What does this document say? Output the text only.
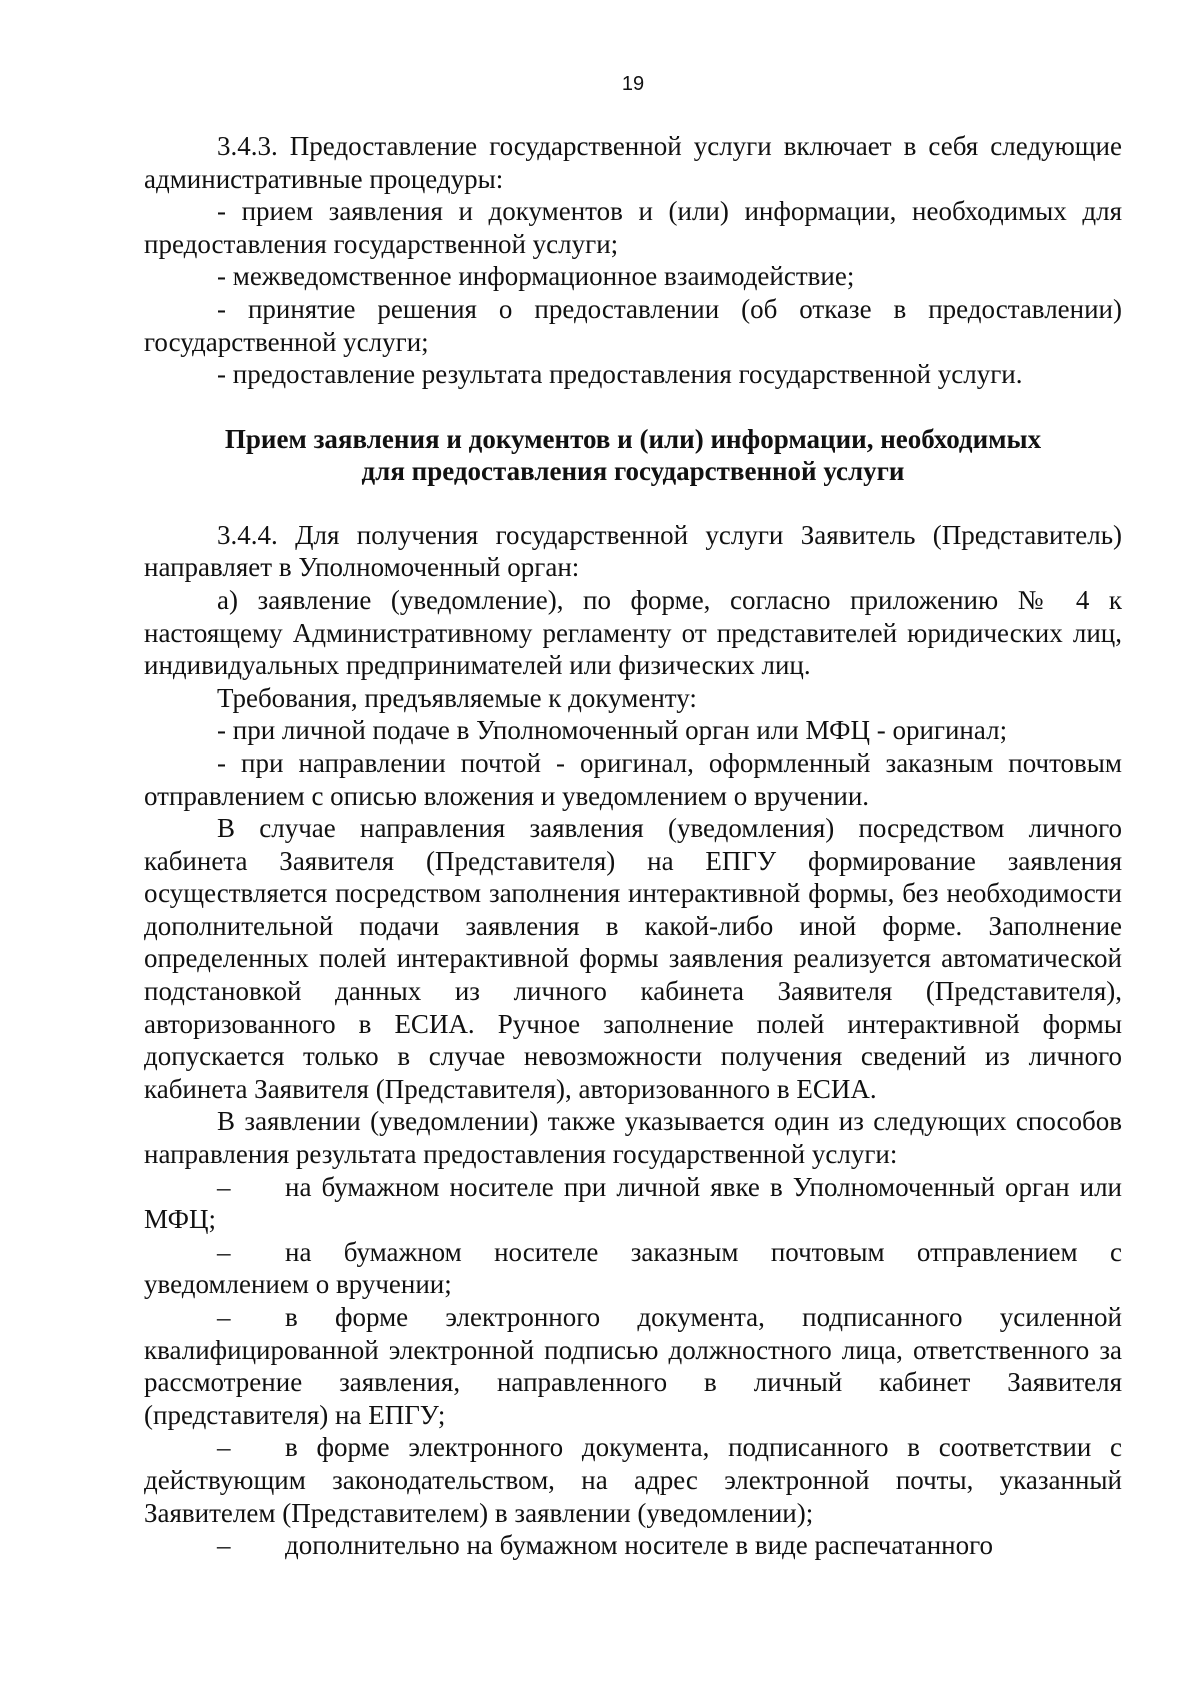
19

3.4.3. Предоставление государственной услуги включает в себя следующие административные процедуры:

- прием заявления и документов и (или) информации, необходимых для предоставления государственной услуги;

- межведомственное информационное взаимодействие;

- принятие решения о предоставлении (об отказе в предоставлении) государственной услуги;

- предоставление результата предоставления государственной услуги.

Прием заявления и документов и (или) информации, необходимых
для предоставления государственной услуги

3.4.4. Для получения государственной услуги Заявитель (Представитель) направляет в Уполномоченный орган:

а) заявление (уведомление), по форме, согласно приложению № 4 к настоящему Административному регламенту от представителей юридических лиц, индивидуальных предпринимателей или физических лиц.

Требования, предъявляемые к документу:

- при личной подаче в Уполномоченный орган или МФЦ - оригинал;

- при направлении почтой - оригинал, оформленный заказным почтовым отправлением с описью вложения и уведомлением о вручении.

В случае направления заявления (уведомления) посредством личного кабинета Заявителя (Представителя) на ЕПГУ формирование заявления осуществляется посредством заполнения интерактивной формы, без необходимости дополнительной подачи заявления в какой-либо иной форме. Заполнение определенных полей интерактивной формы заявления реализуется автоматической подстановкой данных из личного кабинета Заявителя (Представителя), авторизованного в ЕСИА. Ручное заполнение полей интерактивной формы допускается только в случае невозможности получения сведений из личного кабинета Заявителя (Представителя), авторизованного в ЕСИА.

В заявлении (уведомлении) также указывается один из следующих способов направления результата предоставления государственной услуги:

– на бумажном носителе при личной явке в Уполномоченный орган или МФЦ;

– на бумажном носителе заказным почтовым отправлением с уведомлением о вручении;

– в форме электронного документа, подписанного усиленной квалифицированной электронной подписью должностного лица, ответственного за рассмотрение заявления, направленного в личный кабинет Заявителя (представителя) на ЕПГУ;

– в форме электронного документа, подписанного в соответствии с действующим законодательством, на адрес электронной почты, указанный Заявителем (Представителем) в заявлении (уведомлении);

– дополнительно на бумажном носителе в виде распечатанного
